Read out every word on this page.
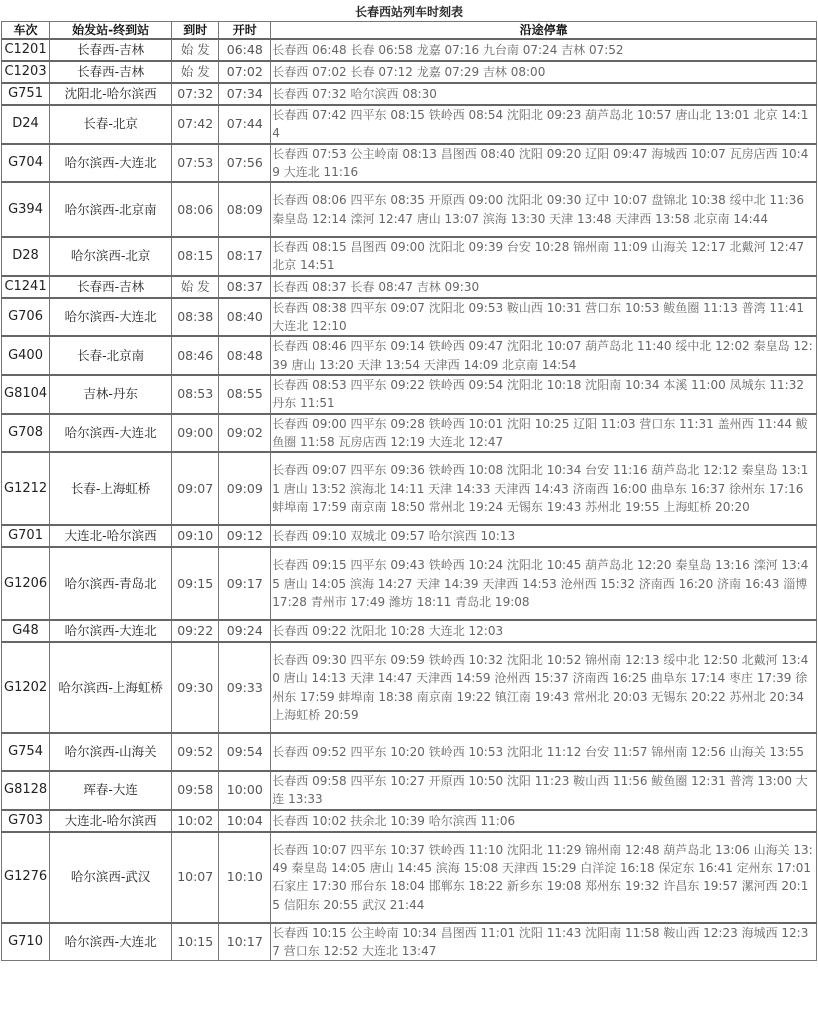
长春西站列车时刻表
车次	始发站-终到站	到时	开时	沿途停靠
C1201	长春西-吉林	始 发	06:48	长春西 06:48 长春 06:58 龙嘉 07:16 九台南 07:24 吉林 07:52
C1203	长春西-吉林	始 发	07:02	长春西 07:02 长春 07:12 龙嘉 07:29 吉林 08:00
G751	沈阳北-哈尔滨西	07:32	07:34	长春西 07:32 哈尔滨西 08:30
D24	长春-北京	07:42	07:44	长春西 07:42 四平东 08:15 铁岭西 08:54 沈阳北 09:23 葫芦岛北 10:57 唐山北 13:01 北京 14:14
G704	哈尔滨西-大连北	07:53	07:56	长春西 07:53 公主岭南 08:13 昌图西 08:40 沈阳 09:20 辽阳 09:47 海城西 10:07 瓦房店西 10:49 大连北 11:16
G394	哈尔滨西-北京南	08:06	08:09	长春西 08:06 四平东 08:35 开原西 09:00 沈阳北 09:30 辽中 10:07 盘锦北 10:38 绥中北 11:36 秦皇岛 12:14 滦河 12:47 唐山 13:07 滨海 13:30 天津 13:48 天津西 13:58 北京南 14:44
D28	哈尔滨西-北京	08:15	08:17	长春西 08:15 昌图西 09:00 沈阳北 09:39 台安 10:28 锦州南 11:09 山海关 12:17 北戴河 12:47 北京 14:51
C1241	长春西-吉林	始 发	08:37	长春西 08:37 长春 08:47 吉林 09:30
G706	哈尔滨西-大连北	08:38	08:40	长春西 08:38 四平东 09:07 沈阳北 09:53 鞍山西 10:31 营口东 10:53 鲅鱼圈 11:13 普湾 11:41 大连北 12:10
G400	长春-北京南	08:46	08:48	长春西 08:46 四平东 09:14 铁岭西 09:47 沈阳北 10:07 葫芦岛北 11:40 绥中北 12:02 秦皇岛 12:39 唐山 13:20 天津 13:54 天津西 14:09 北京南 14:54
G8104	吉林-丹东	08:53	08:55	长春西 08:53 四平东 09:22 铁岭西 09:54 沈阳北 10:18 沈阳南 10:34 本溪 11:00 凤城东 11:32 丹东 11:51
G708	哈尔滨西-大连北	09:00	09:02	长春西 09:00 四平东 09:28 铁岭西 10:01 沈阳 10:25 辽阳 11:03 营口东 11:31 盖州西 11:44 鲅鱼圈 11:58 瓦房店西 12:19 大连北 12:47
G1212	长春-上海虹桥	09:07	09:09	长春西 09:07 四平东 09:36 铁岭西 10:08 沈阳北 10:34 台安 11:16 葫芦岛北 12:12 秦皇岛 13:11 唐山 13:52 滨海北 14:11 天津 14:33 天津西 14:43 济南西 16:00 曲阜东 16:37 徐州东 17:16 蚌埠南 17:59 南京南 18:50 常州北 19:24 无锡东 19:43 苏州北 19:55 上海虹桥 20:20
G701	大连北-哈尔滨西	09:10	09:12	长春西 09:10 双城北 09:57 哈尔滨西 10:13
G1206	哈尔滨西-青岛北	09:15	09:17	长春西 09:15 四平东 09:43 铁岭西 10:24 沈阳北 10:45 葫芦岛北 12:20 秦皇岛 13:16 滦河 13:45 唐山 14:05 滨海 14:27 天津 14:39 天津西 14:53 沧州西 15:32 济南西 16:20 济南 16:43 淄博 17:28 青州市 17:49 潍坊 18:11 青岛北 19:08
G48	哈尔滨西-大连北	09:22	09:24	长春西 09:22 沈阳北 10:28 大连北 12:03
G1202	哈尔滨西-上海虹桥	09:30	09:33	长春西 09:30 四平东 09:59 铁岭西 10:32 沈阳北 10:52 锦州南 12:13 绥中北 12:50 北戴河 13:40 唐山 14:13 天津 14:47 天津西 14:59 沧州西 15:37 济南西 16:25 曲阜东 17:14 枣庄 17:39 徐州东 17:59 蚌埠南 18:38 南京南 19:22 镇江南 19:43 常州北 20:03 无锡东 20:22 苏州北 20:34 上海虹桥 20:59
G754	哈尔滨西-山海关	09:52	09:54	长春西 09:52 四平东 10:20 铁岭西 10:53 沈阳北 11:12 台安 11:57 锦州南 12:56 山海关 13:55
G8128	珲春-大连	09:58	10:00	长春西 09:58 四平东 10:27 开原西 10:50 沈阳 11:23 鞍山西 11:56 鲅鱼圈 12:31 普湾 13:00 大连 13:33
G703	大连北-哈尔滨西	10:02	10:04	长春西 10:02 扶余北 10:39 哈尔滨西 11:06
G1276	哈尔滨西-武汉	10:07	10:10	长春西 10:07 四平东 10:37 铁岭西 11:10 沈阳北 11:29 锦州南 12:48 葫芦岛北 13:06 山海关 13:49 秦皇岛 14:05 唐山 14:45 滨海 15:08 天津西 15:29 白洋淀 16:18 保定东 16:41 定州东 17:01 石家庄 17:30 邢台东 18:04 邯郸东 18:22 新乡东 19:08 郑州东 19:32 许昌东 19:57 漯河西 20:15 信阳东 20:55 武汉 21:44
G710	哈尔滨西-大连北	10:15	10:17	长春西 10:15 公主岭南 10:34 昌图西 11:01 沈阳 11:43 沈阳南 11:58 鞍山西 12:23 海城西 12:37 营口东 12:52 大连北 13:47
